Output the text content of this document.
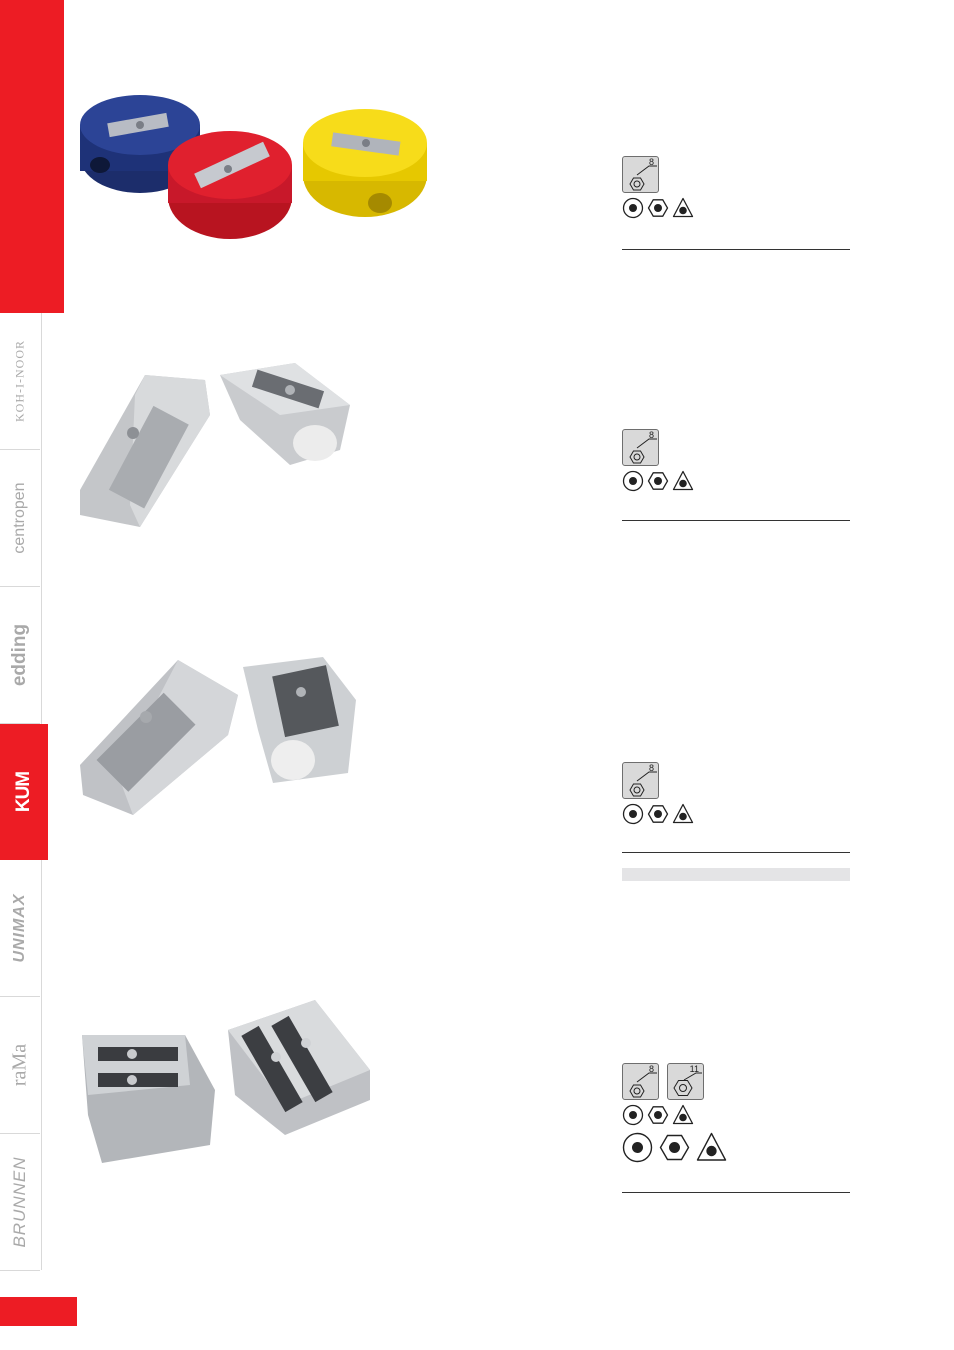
KOH-I-NOOR
centropen
edding
KUM
UNIMAX
raMa
BRUNNEN
8
8
8
8	11
